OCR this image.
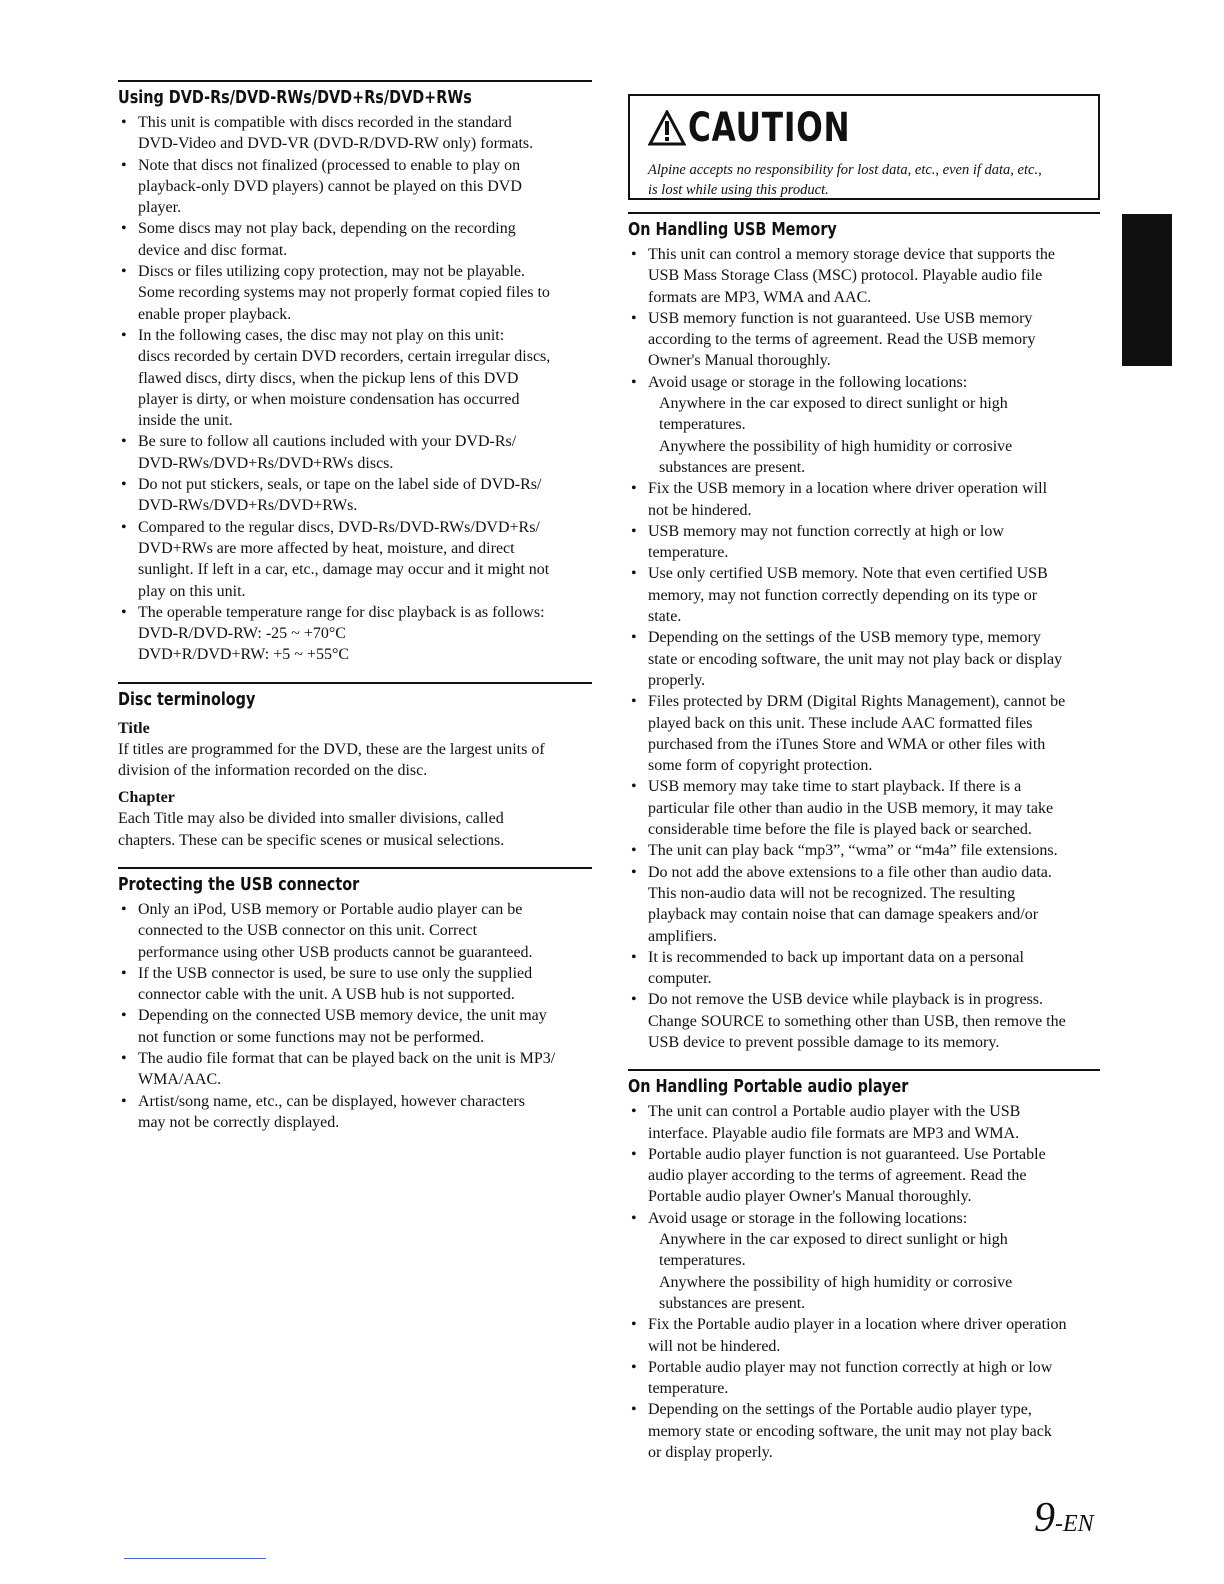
Using DVD-Rs/DVD-RWs/DVD+Rs/DVD+RWs
• This unit is compatible with discs recorded in the standard
DVD-Video and DVD-VR (DVD-R/DVD-RW only) formats.
• Note that discs not finalized (processed to enable to play on
playback-only DVD players) cannot be played on this DVD
player.
• Some discs may not play back, depending on the recording
device and disc format.
• Discs or files utilizing copy protection, may not be playable.
Some recording systems may not properly format copied files to
enable proper playback.
• In the following cases, the disc may not play on this unit:
discs recorded by certain DVD recorders, certain irregular discs,
flawed discs, dirty discs, when the pickup lens of this DVD
player is dirty, or when moisture condensation has occurred
inside the unit.
• Be sure to follow all cautions included with your DVD-Rs/
DVD-RWs/DVD+Rs/DVD+RWs discs.
• Do not put stickers, seals, or tape on the label side of DVD-Rs/
DVD-RWs/DVD+Rs/DVD+RWs.
• Compared to the regular discs, DVD-Rs/DVD-RWs/DVD+Rs/
DVD+RWs are more affected by heat, moisture, and direct
sunlight. If left in a car, etc., damage may occur and it might not
play on this unit.
• The operable temperature range for disc playback is as follows:
DVD-R/DVD-RW: -25 ~ +70°C
DVD+R/DVD+RW: +5 ~ +55°C
Disc terminology
Title
If titles are programmed for the DVD, these are the largest units of
division of the information recorded on the disc.
Chapter
Each Title may also be divided into smaller divisions, called
chapters. These can be specific scenes or musical selections.
Protecting the USB connector
• Only an iPod, USB memory or Portable audio player can be
connected to the USB connector on this unit. Correct
performance using other USB products cannot be guaranteed.
• If the USB connector is used, be sure to use only the supplied
connector cable with the unit. A USB hub is not supported.
• Depending on the connected USB memory device, the unit may
not function or some functions may not be performed.
• The audio file format that can be played back on the unit is MP3/
WMA/AAC.
• Artist/song name, etc., can be displayed, however characters
may not be correctly displayed.
CAUTION
Alpine accepts no responsibility for lost data, etc., even if data, etc.,
is lost while using this product.
On Handling USB Memory
• This unit can control a memory storage device that supports the
USB Mass Storage Class (MSC) protocol. Playable audio file
formats are MP3, WMA and AAC.
• USB memory function is not guaranteed. Use USB memory
according to the terms of agreement. Read the USB memory
Owner's Manual thoroughly.
• Avoid usage or storage in the following locations:
Anywhere in the car exposed to direct sunlight or high
temperatures.
Anywhere the possibility of high humidity or corrosive
substances are present.
• Fix the USB memory in a location where driver operation will
not be hindered.
• USB memory may not function correctly at high or low
temperature.
• Use only certified USB memory. Note that even certified USB
memory, may not function correctly depending on its type or
state.
• Depending on the settings of the USB memory type, memory
state or encoding software, the unit may not play back or display
properly.
• Files protected by DRM (Digital Rights Management), cannot be
played back on this unit. These include AAC formatted files
purchased from the iTunes Store and WMA or other files with
some form of copyright protection.
• USB memory may take time to start playback. If there is a
particular file other than audio in the USB memory, it may take
considerable time before the file is played back or searched.
• The unit can play back “mp3”, “wma” or “m4a” file extensions.
• Do not add the above extensions to a file other than audio data.
This non-audio data will not be recognized. The resulting
playback may contain noise that can damage speakers and/or
amplifiers.
• It is recommended to back up important data on a personal
computer.
• Do not remove the USB device while playback is in progress.
Change SOURCE to something other than USB, then remove the
USB device to prevent possible damage to its memory.
On Handling Portable audio player
• The unit can control a Portable audio player with the USB
interface. Playable audio file formats are MP3 and WMA.
• Portable audio player function is not guaranteed. Use Portable
audio player according to the terms of agreement. Read the
Portable audio player Owner's Manual thoroughly.
• Avoid usage or storage in the following locations:
Anywhere in the car exposed to direct sunlight or high
temperatures.
Anywhere the possibility of high humidity or corrosive
substances are present.
• Fix the Portable audio player in a location where driver operation
will not be hindered.
• Portable audio player may not function correctly at high or low
temperature.
• Depending on the settings of the Portable audio player type,
memory state or encoding software, the unit may not play back
or display properly.
9-EN
